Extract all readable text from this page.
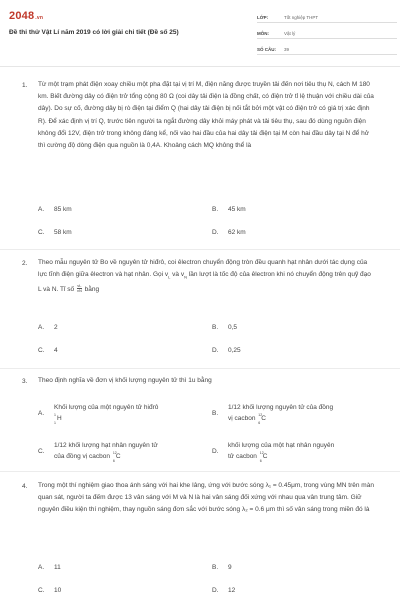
2048.vn
Đề thi thử Vật Lí năm 2019 có lời giải chi tiết (Đề số 25)
LỚP:	Tốt nghiệp THPT
MÔN:	Vật lý
SỐ CÂU:	39
1. Từ một trạm phát điện xoay chiều một pha đặt tại vị trí M, điện năng được truyền tải đến nơi tiêu thụ N, cách M 180 km. Biết đường dây có điện trở tổng cộng 80 Ω (coi dây tải điện là đồng chất, có điện trở tỉ lệ thuận với chiều dài của dây). Do sự cố, đường dây bị rò điện tại điểm Q (hai dây tải điện bị nối tắt bởi một vật có điện trở có giá trị xác định R). Để xác định vị trí Q, trước tiên người ta ngắt đường dây khỏi máy phát và tải tiêu thụ, sau đó dùng nguồn điện không đổi 12V, điện trở trong không đáng kể, nối vào hai đầu của hai dây tải điện tại M còn hai đầu dây tại N để hở thì cường độ dòng điện qua nguồn là 0,4A. Khoảng cách MQ không thể là
A. 85 km	B. 45 km
C. 58 km	D. 62 km
2. Theo mẫu nguyên tử Bo về nguyên tử hiđrô, coi êlectron chuyển động tròn đều quanh hạt nhân dưới tác dụng của lực tĩnh điện giữa êlectron và hạt nhân. Gọi $v_L$ và $v_N$ lần lượt là tốc độ của êlectron khi nó chuyển động trên quỹ đạo L và N. Tỉ số $\frac{vL}{vN}$ bằng
A. 2	B. 0,5
C. 4	D. 0,25
3. Theo định nghĩa về đơn vị khối lượng nguyên tử thì 1u bằng
A.
Khối lượng của một nguyên tử hiđrô
1
1
H
B.
1/12 khối lượng nguyên tử của đồng
vị cacbon
12
6
C
C.
1/12 khối lượng hạt nhân nguyên tử
của đồng vị cacbon
12
6
C
D.
khối lượng của một hạt nhân nguyên
tử cacbon
12
6
C
4. Trong một thí nghiệm giao thoa ánh sáng với hai khe Iâng, ứng với bước sóng λ₁ = 0.45μm, trong vùng MN trên màn quan sát, người ta đếm được 13 vân sáng với M và N là hai vân sáng đối xứng với nhau qua vân trung tâm. Giữ nguyên điều kiện thí nghiệm, thay nguồn sáng đơn sắc với bước sóng λ₂ = 0.6 μm thì số vân sáng trong miền đó là
A. 11	B. 9
C. 10	D. 12
